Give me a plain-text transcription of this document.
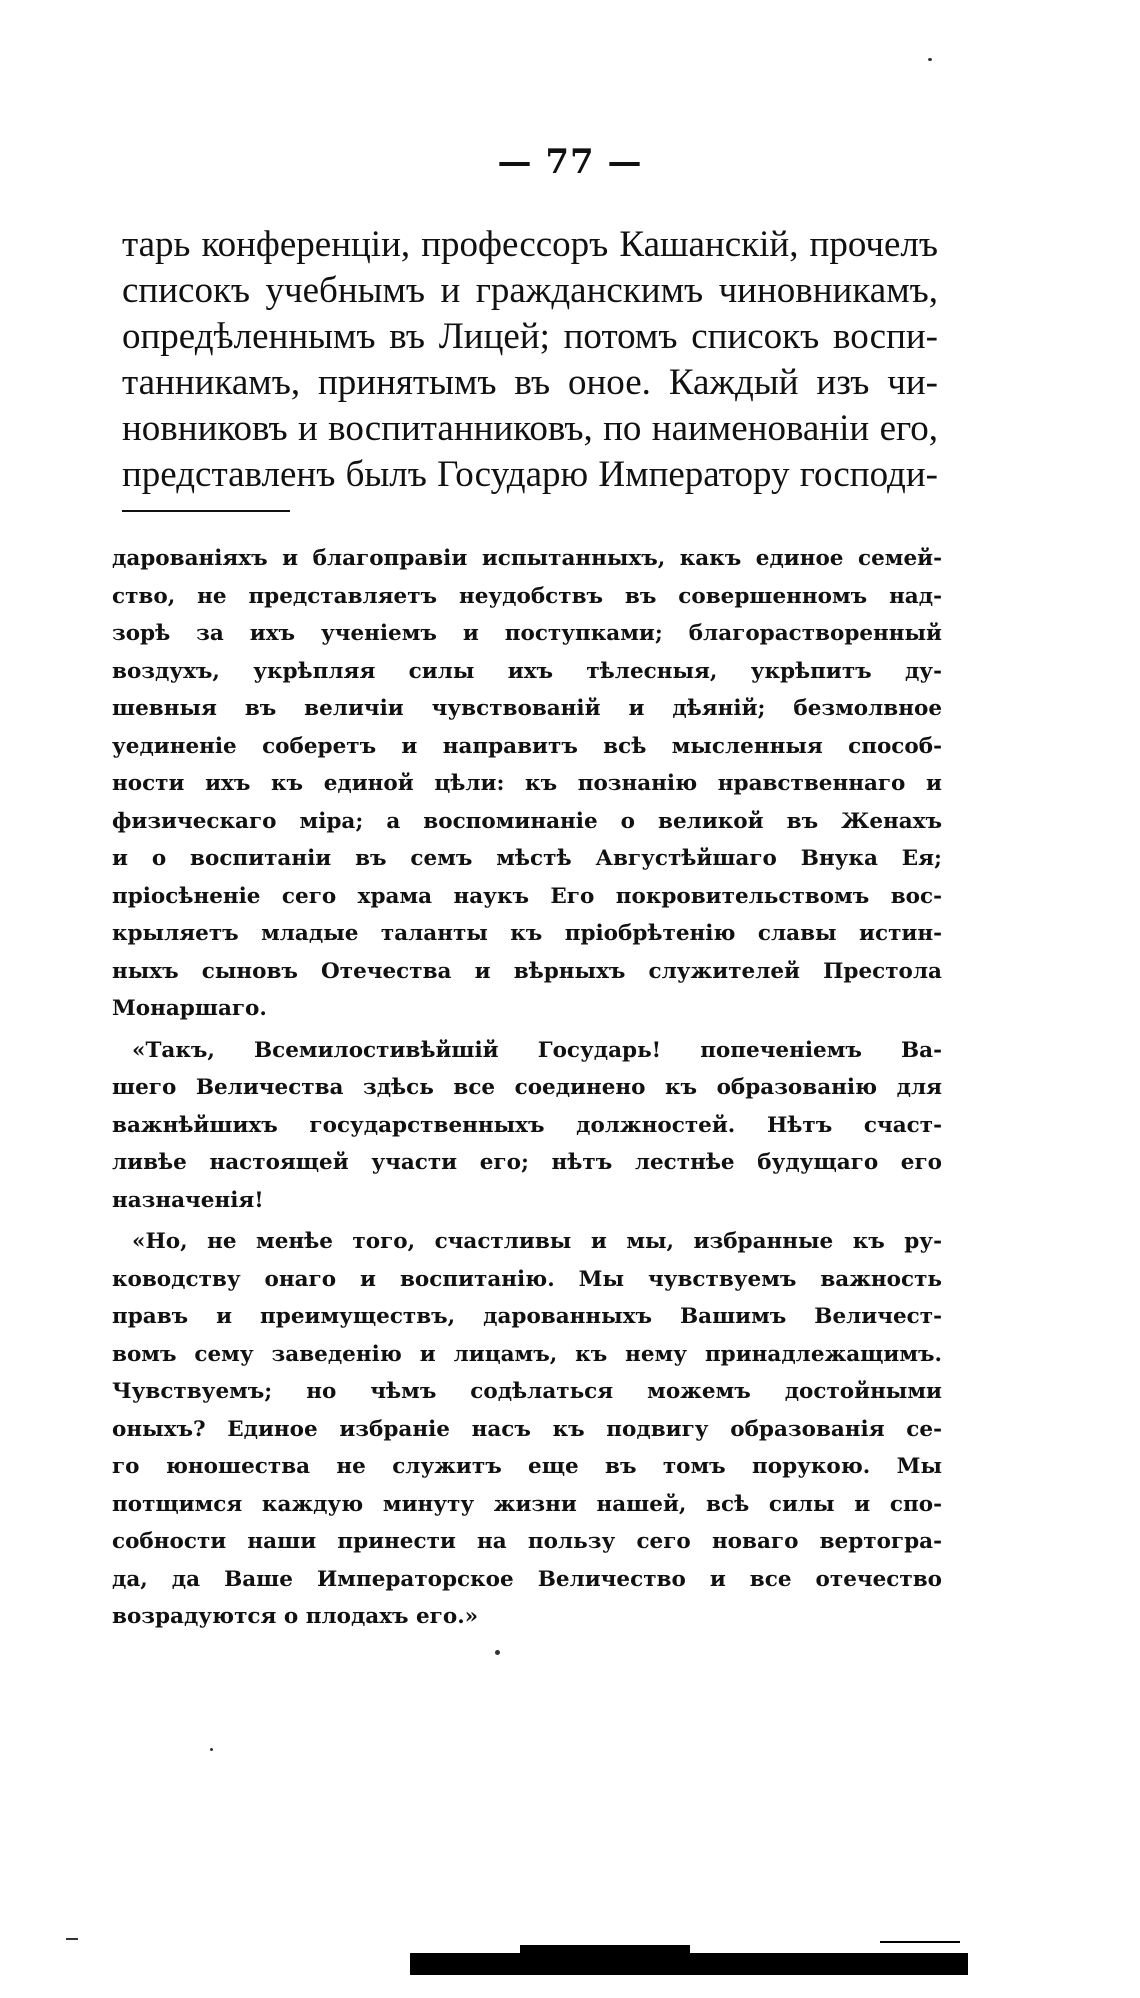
— 77 —
тарь конференціи, профессоръ Кашанскій, прочелъ
списокъ учебнымъ и гражданскимъ чиновникамъ,
опредѣленнымъ въ Лицей; потомъ списокъ воспи-
танникамъ, принятымъ въ оное. Каждый изъ чи-
новниковъ и воспитанниковъ, по наименованіи его,
представленъ былъ Государю Императору господи-
дарованіяхъ и благоправіи испытанныхъ, какъ единое семей-
ство, не представляетъ неудобствъ въ совершенномъ над-
зорѣ за ихъ ученіемъ и поступками; благорастворенный
воздухъ, укрѣпляя силы ихъ тѣлесныя, укрѣпитъ ду-
шевныя въ величіи чувствованій и дѣяній; безмолвное
уединеніе соберетъ и направитъ всѣ мысленныя способ-
ности ихъ къ единой цѣли: къ познанію нравственнаго и
физическаго міра; а воспоминаніе о великой въ Женахъ
и о воспитаніи въ семъ мѣстѣ Августѣйшаго Внука Ея;
пріосѣненіе сего храма наукъ Его покровительствомъ вос-
крыляетъ младые таланты къ пріобрѣтенію славы истин-
ныхъ сыновъ Отечества и вѣрныхъ служителей Престола
Монаршаго.
«Такъ, Всемилостивѣйшій Государь! попеченіемъ Ва-
шего Величества здѣсь все соединено къ образованію для
важнѣйшихъ государственныхъ должностей. Нѣтъ счаст-
ливѣе настоящей участи его; нѣтъ лестнѣе будущаго его
назначенія!
«Но, не менѣе того, счастливы и мы, избранные къ ру-
ководству онаго и воспитанію. Мы чувствуемъ важность
правъ и преимуществъ, дарованныхъ Вашимъ Величест-
вомъ сему заведенію и лицамъ, къ нему принадлежащимъ.
Чувствуемъ; но чѣмъ содѣлаться можемъ достойными
оныхъ? Единое избраніе насъ къ подвигу образованія се-
го юношества не служитъ еще въ томъ порукою. Мы
потщимся каждую минуту жизни нашей, всѣ силы и спо-
собности наши принести на пользу сего новаго вертогра-
да, да Ваше Императорское Величество и все отечество
возрадуются о плодахъ его.»
